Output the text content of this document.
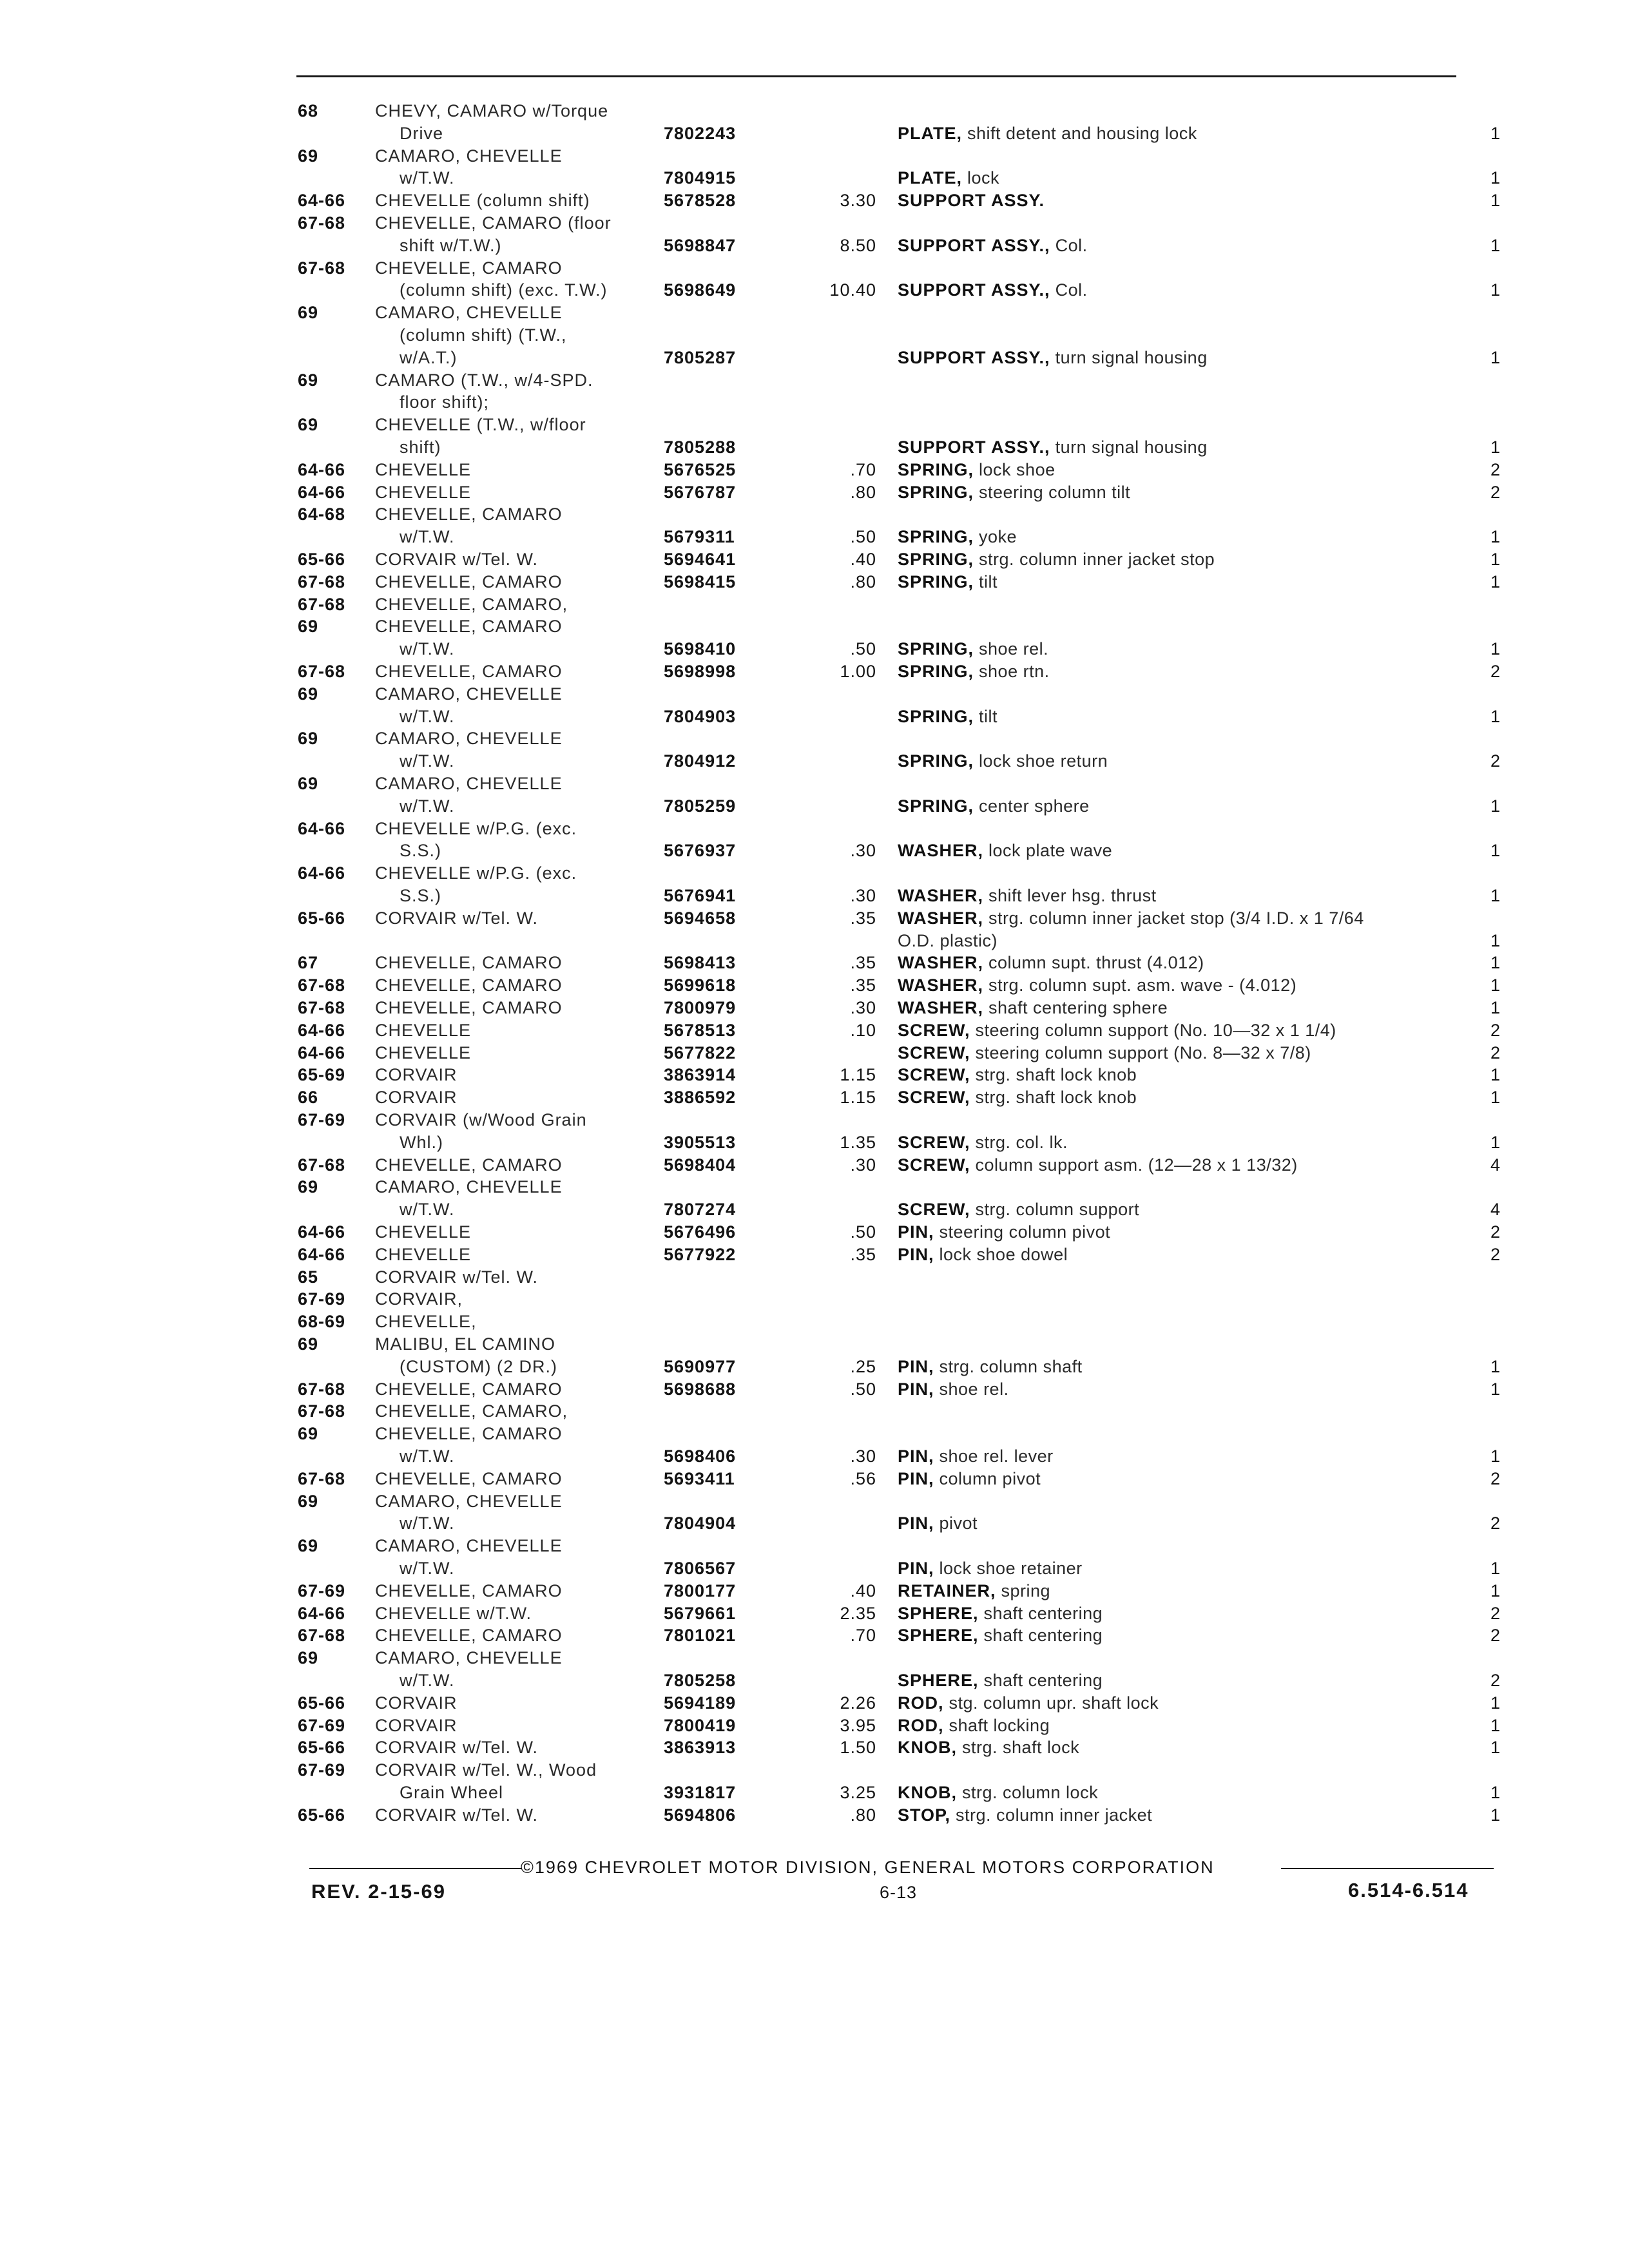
68	CHEVY, CAMARO w/Torque
Drive	7802243	PLATE, shift detent and housing lock	1
69	CAMARO, CHEVELLE
w/T.W.	7804915	PLATE, lock	1
64-66 CHEVELLE (column shift)	5678528	3.30 SUPPORT ASSY.	1
67-68 CHEVELLE, CAMARO (floor
shift w/T.W.)	5698847	8.50 SUPPORT ASSY., Col.	1
67-68 CHEVELLE, CAMARO
(column shift) (exc. T.W.)	5698649	10.40 SUPPORT ASSY., Col.	1
69	CAMARO, CHEVELLE
(column shift) (T.W.,
w/A.T.)	7805287	SUPPORT ASSY., turn signal housing	1
69	CAMARO (T.W., w/4-SPD.
floor shift);
69	CHEVELLE (T.W., w/floor
shift)	7805288	SUPPORT ASSY., turn signal housing	1
64-66 CHEVELLE	5676525	.70 SPRING, lock shoe	2
64-66 CHEVELLE	5676787	.80 SPRING, steering column tilt	2
64-68 CHEVELLE, CAMARO
w/T.W.	5679311	.50 SPRING, yoke	1
65-66 CORVAIR w/Tel. W.	5694641	.40 SPRING, strg. column inner jacket stop	1
67-68 CHEVELLE, CAMARO	5698415	.80 SPRING, tilt	1
67-68 CHEVELLE, CAMARO,
69	CHEVELLE, CAMARO
w/T.W.	5698410	.50 SPRING, shoe rel.	1
67-68 CHEVELLE, CAMARO	5698998	1.00 SPRING, shoe rtn.	2
69	CAMARO, CHEVELLE
w/T.W.	7804903	SPRING, tilt	1
69	CAMARO, CHEVELLE
w/T.W.	7804912	SPRING, lock shoe return	2
69	CAMARO, CHEVELLE
w/T.W.	7805259	SPRING, center sphere	1
64-66 CHEVELLE w/P.G. (exc.
S.S.)	5676937	.30 WASHER, lock plate wave	1
64-66 CHEVELLE w/P.G. (exc.
S.S.)	5676941	.30 WASHER, shift lever hsg. thrust	1
65-66 CORVAIR w/Tel. W.	5694658	.35 WASHER, strg. column inner jacket stop (3/4 I.D. x 1 7/64
O.D. plastic)	1
67	CHEVELLE, CAMARO	5698413	.35 WASHER, column supt. thrust (4.012)	1
67-68 CHEVELLE, CAMARO	5699618	.35 WASHER, strg. column supt. asm. wave - (4.012)	1
67-68 CHEVELLE, CAMARO	7800979	.30 WASHER, shaft centering sphere	1
64-66 CHEVELLE	5678513	.10 SCREW, steering column support (No. 10—32 x 1 1/4)	2
64-66 CHEVELLE	5677822	SCREW, steering column support (No. 8—32 x 7/8)	2
65-69 CORVAIR	3863914	1.15 SCREW, strg. shaft lock knob	1
66	CORVAIR	3886592	1.15 SCREW, strg. shaft lock knob	1
67-69 CORVAIR (w/Wood Grain
Whl.)	3905513	1.35 SCREW, strg. col. lk.	1
67-68 CHEVELLE, CAMARO	5698404	.30 SCREW, column support asm. (12—28 x 1 13/32)	4
69	CAMARO, CHEVELLE
w/T.W.	7807274	SCREW, strg. column support	4
64-66 CHEVELLE	5676496	.50 PIN, steering column pivot	2
64-66 CHEVELLE	5677922	.35 PIN, lock shoe dowel	2
65	CORVAIR w/Tel. W.
67-69 CORVAIR,
68-69 CHEVELLE,
69	MALIBU, EL CAMINO
(CUSTOM) (2 DR.)	5690977	.25 PIN, strg. column shaft	1
67-68 CHEVELLE, CAMARO	5698688	.50 PIN, shoe rel.	1
67-68 CHEVELLE, CAMARO,
69	CHEVELLE, CAMARO
w/T.W.	5698406	.30 PIN, shoe rel. lever	1
67-68 CHEVELLE, CAMARO	5693411	.56 PIN, column pivot	2
69	CAMARO, CHEVELLE
w/T.W.	7804904	PIN, pivot	2
69	CAMARO, CHEVELLE
w/T.W.	7806567	PIN, lock shoe retainer	1
67-69 CHEVELLE, CAMARO	7800177	.40 RETAINER, spring	1
64-66 CHEVELLE w/T.W.	5679661	2.35 SPHERE, shaft centering	2
67-68 CHEVELLE, CAMARO	7801021	.70 SPHERE, shaft centering	2
69	CAMARO, CHEVELLE
w/T.W.	7805258	SPHERE, shaft centering	2
65-66 CORVAIR	5694189	2.26 ROD, stg. column upr. shaft lock	1
67-69 CORVAIR	7800419	3.95 ROD, shaft locking	1
65-66 CORVAIR w/Tel. W.	3863913	1.50 KNOB, strg. shaft lock	1
67-69 CORVAIR w/Tel. W., Wood
Grain Wheel	3931817	3.25 KNOB, strg. column lock	1
65-66 CORVAIR w/Tel. W.	5694806	.80 STOP, strg. column inner jacket	1
©1969 CHEVROLET MOTOR DIVISION, GENERAL MOTORS CORPORATION
REV. 2-15-69	6-13	6.514-6.514
